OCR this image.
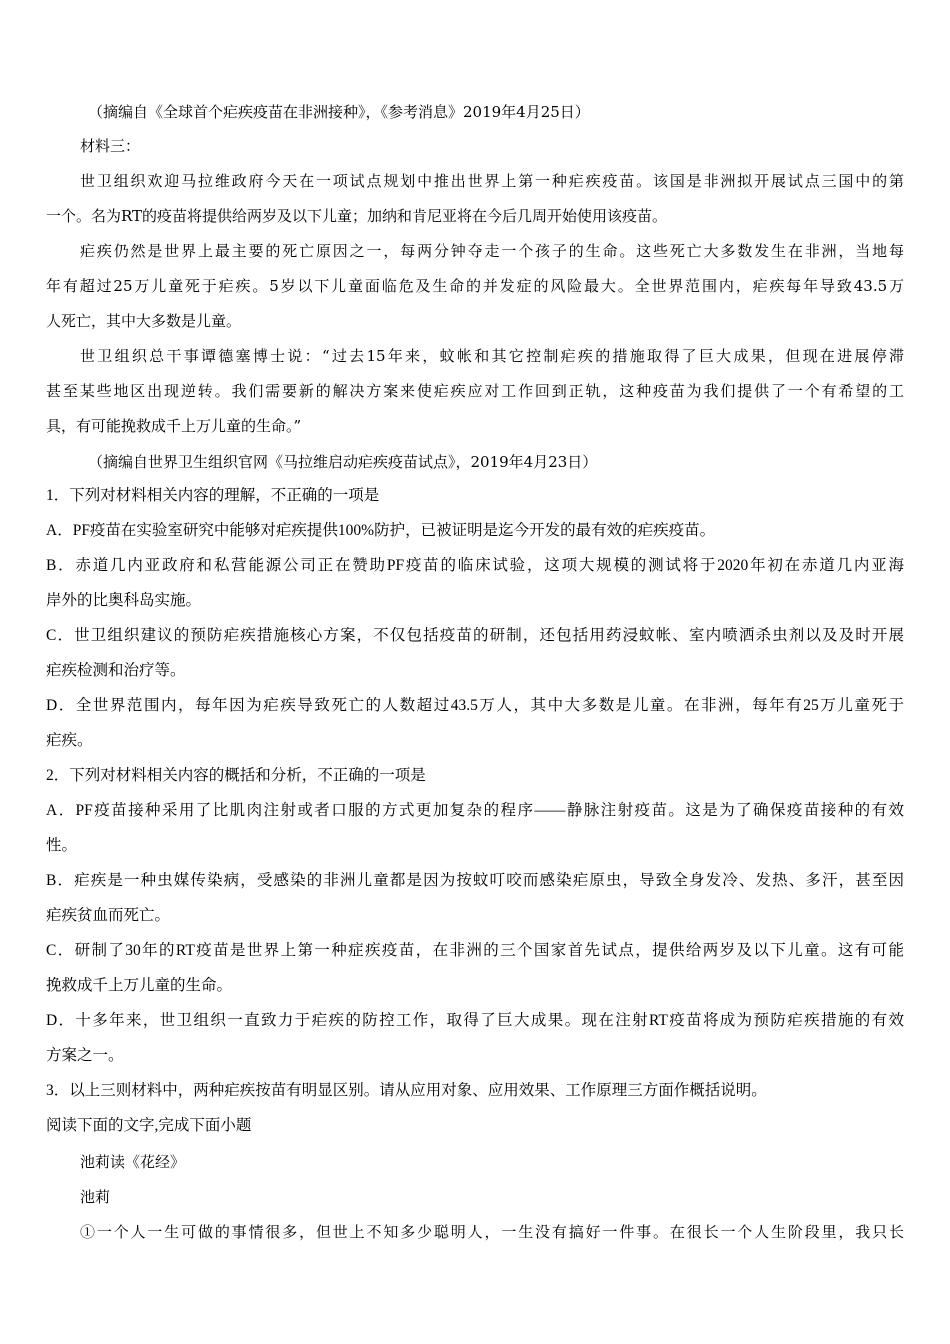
（摘编自《全球首个疟疾疫苗在非洲接种》，《参考消息》2019年4月25日）
材料三：
世卫组织欢迎马拉维政府今天在一项试点规划中推出世界上第一种疟疾疫苗。该国是非洲拟开展试点三国中的第
一个。名为RT的疫苗将提供给两岁及以下儿童；加纳和肯尼亚将在今后几周开始使用该疫苗。
疟疾仍然是世界上最主要的死亡原因之一，每两分钟夺走一个孩子的生命。这些死亡大多数发生在非洲，当地每
年有超过25万儿童死于疟疾。5岁以下儿童面临危及生命的并发症的风险最大。全世界范围内，疟疾每年导致43.5万
人死亡，其中大多数是儿童。
世卫组织总干事谭德塞博士说：“过去15年来，蚊帐和其它控制疟疾的措施取得了巨大成果，但现在进展停滞
甚至某些地区出现逆转。我们需要新的解决方案来使疟疾应对工作回到正轨，这种疫苗为我们提供了一个有希望的工
具，有可能挽救成千上万儿童的生命。”
（摘编自世界卫生组织官网《马拉维启动疟疾疫苗试点》，2019年4月23日）
1．下列对材料相关内容的理解，不正确的一项是
A．PF疫苗在实验室研究中能够对疟疾提供100%防护，已被证明是迄今开发的最有效的疟疾疫苗。
B．赤道几内亚政府和私营能源公司正在赞助PF疫苗的临床试验，这项大规模的测试将于2020年初在赤道几内亚海
岸外的比奥科岛实施。
C．世卫组织建议的预防疟疾措施核心方案，不仅包括疫苗的研制，还包括用药浸蚊帐、室内喷洒杀虫剂以及及时开展
疟疾检测和治疗等。
D．全世界范围内，每年因为疟疾导致死亡的人数超过43.5万人，其中大多数是儿童。在非洲，每年有25万儿童死于
疟疾。
2．下列对材料相关内容的概括和分析，不正确的一项是
A．PF疫苗接种采用了比肌肉注射或者口服的方式更加复杂的程序——静脉注射疫苗。这是为了确保疫苗接种的有效
性。
B．疟疾是一种虫媒传染病，受感染的非洲儿童都是因为按蚊叮咬而感染疟原虫，导致全身发冷、发热、多汗，甚至因
疟疾贫血而死亡。
C．研制了30年的RT疫苗是世界上第一种症疾疫苗，在非洲的三个国家首先试点，提供给两岁及以下儿童。这有可能
挽救成千上万儿童的生命。
D．十多年来，世卫组织一直致力于疟疾的防控工作，取得了巨大成果。现在注射RT疫苗将成为预防疟疾措施的有效
方案之一。
3．以上三则材料中，两种疟疾按苗有明显区别。请从应用对象、应用效果、工作原理三方面作概括说明。
阅读下面的文字,完成下面小题
池莉读《花经》
池莉
①一个人一生可做的事情很多，但世上不知多少聪明人，一生没有搞好一件事。在很长一个人生阶段里，我只长
